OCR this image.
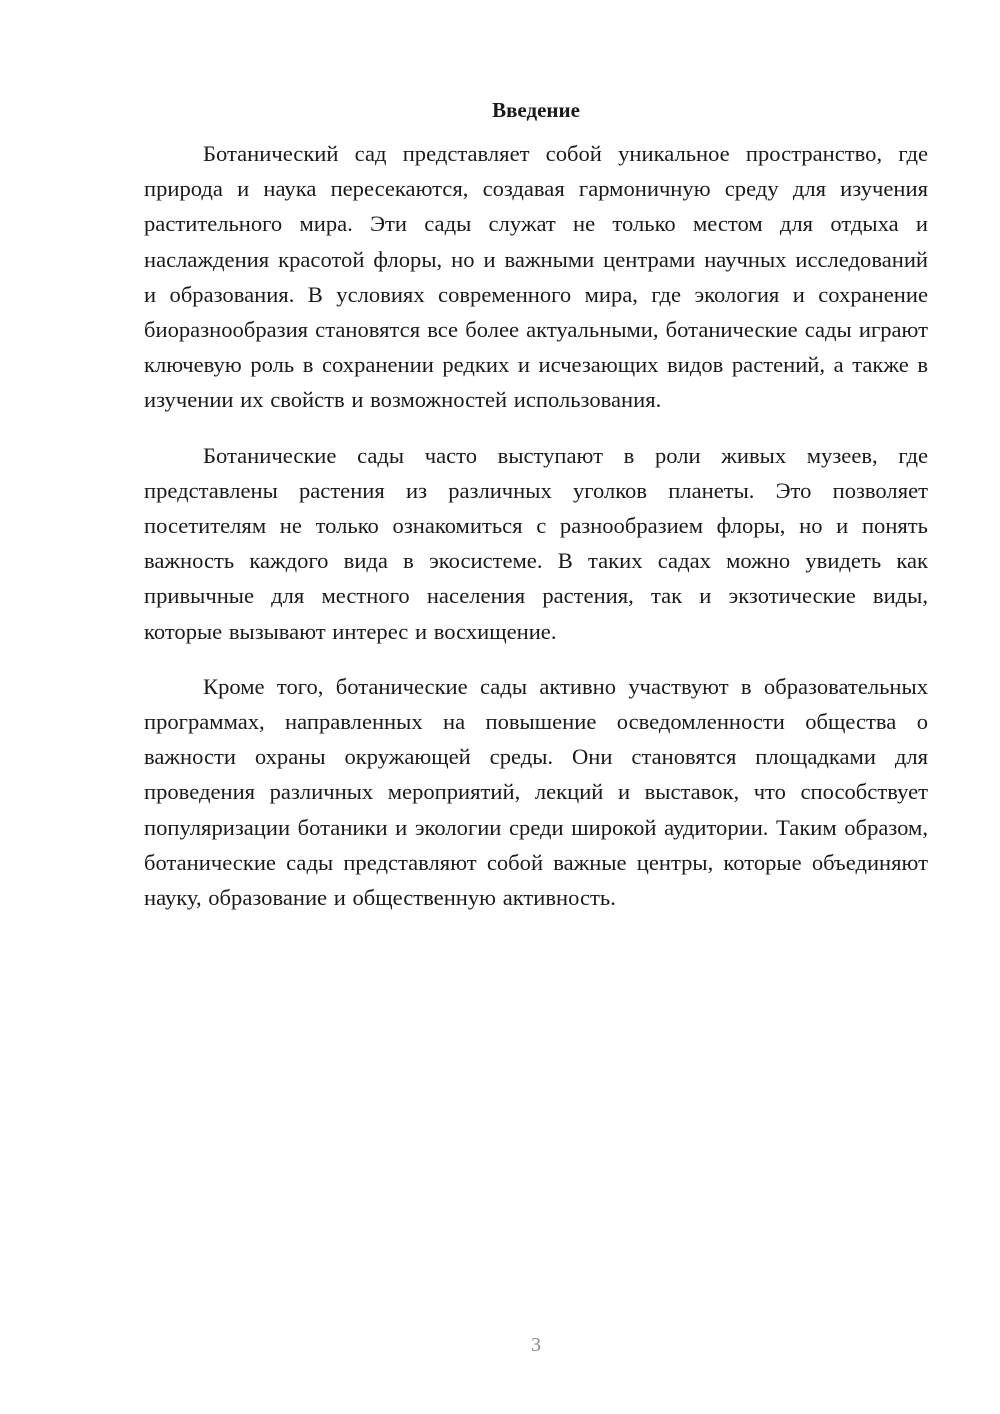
Введение

Ботанический сад представляет собой уникальное пространство, где природа и наука пересекаются, создавая гармоничную среду для изучения растительного мира. Эти сады служат не только местом для отдыха и наслаждения красотой флоры, но и важными центрами научных исследований и образования. В условиях современного мира, где экология и сохранение биоразнообразия становятся все более актуальными, ботанические сады играют ключевую роль в сохранении редких и исчезающих видов растений, а также в изучении их свойств и возможностей использования.

Ботанические сады часто выступают в роли живых музеев, где представлены растения из различных уголков планеты. Это позволяет посетителям не только ознакомиться с разнообразием флоры, но и понять важность каждого вида в экосистеме. В таких садах можно увидеть как привычные для местного населения растения, так и экзотические виды, которые вызывают интерес и восхищение.

Кроме того, ботанические сады активно участвуют в образовательных программах, направленных на повышение осведомленности общества о важности охраны окружающей среды. Они становятся площадками для проведения различных мероприятий, лекций и выставок, что способствует популяризации ботаники и экологии среди широкой аудитории. Таким образом, ботанические сады представляют собой важные центры, которые объединяют науку, образование и общественную активность.

3
